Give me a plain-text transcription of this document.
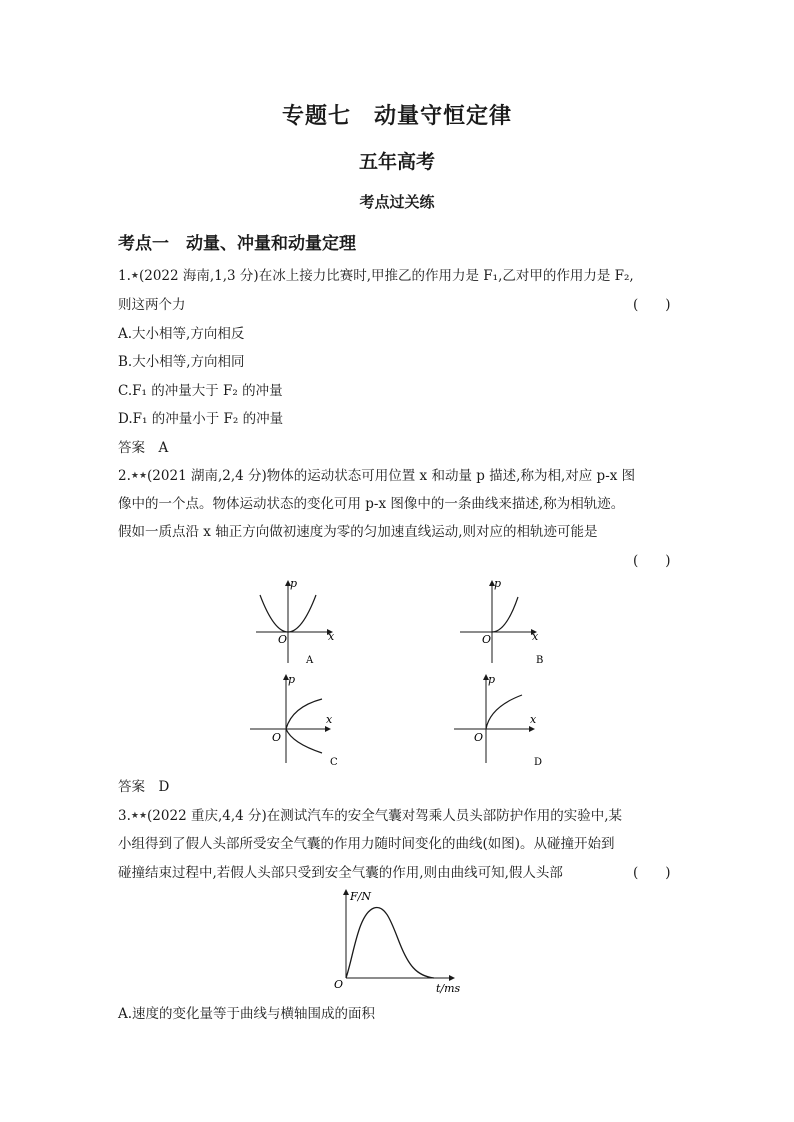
专题七　动量守恒定律
五年高考
考点过关练
考点一　动量、冲量和动量定理
1.★(2022 海南,1,3 分)在冰上接力比赛时,甲推乙的作用力是 F₁,乙对甲的作用力是 F₂,
则这两个力	(　　)
A.大小相等,方向相反
B.大小相等,方向相同
C.F₁ 的冲量大于 F₂ 的冲量
D.F₁ 的冲量小于 F₂ 的冲量
答案　A
2.★★(2021 湖南,2,4 分)物体的运动状态可用位置 x 和动量 p 描述,称为相,对应 p-x 图
像中的一个点。物体运动状态的变化可用 p-x 图像中的一条曲线来描述,称为相轨迹。
假如一质点沿 x 轴正方向做初速度为零的匀加速直线运动,则对应的相轨迹可能是
(　　)
p
x
O
A
p
x
O
B
p
x
O
C
p
x
O
D
答案　D
3.★★(2022 重庆,4,4 分)在测试汽车的安全气囊对驾乘人员头部防护作用的实验中,某
小组得到了假人头部所受安全气囊的作用力随时间变化的曲线(如图)。从碰撞开始到
碰撞结束过程中,若假人头部只受到安全气囊的作用,则由曲线可知,假人头部	(　　)
F/N
t/ms
O
A.速度的变化量等于曲线与横轴围成的面积
